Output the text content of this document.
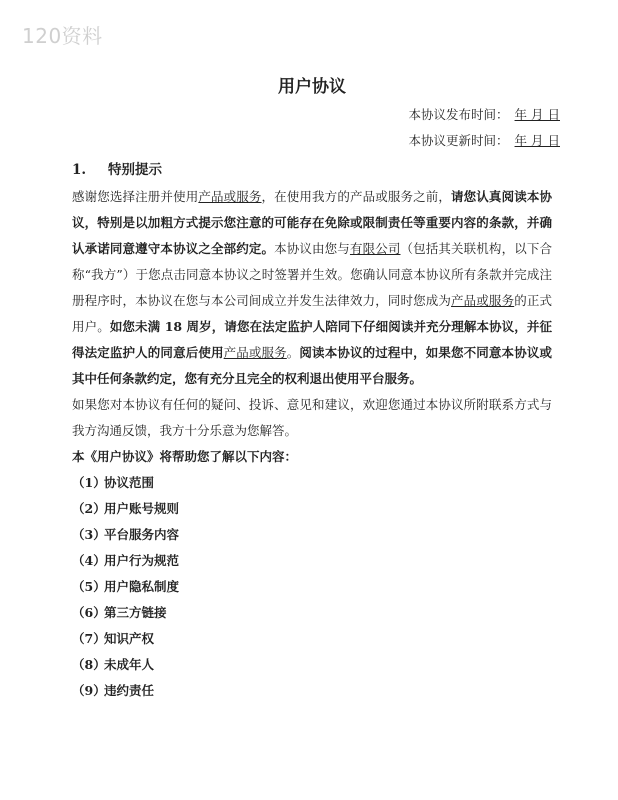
120资料
用户协议
本协议发布时间： 年 月 日
本协议更新时间： 年 月 日
1. 特别提示

感谢您选择注册并使用产品或服务，在使用我方的产品或服务之前，请您认真阅读本协议，特别是以加粗方式提示您注意的可能存在免除或限制责任等重要内容的条款，并确认承诺同意遵守本协议之全部约定。本协议由您与有限公司（包括其关联机构，以下合称“我方”）于您点击同意本协议之时签署并生效。您确认同意本协议所有条款并完成注册程序时，本协议在您与本公司间成立并发生法律效力，同时您成为产品或服务的正式用户。如您未满 18 周岁，请您在法定监护人陪同下仔细阅读并充分理解本协议，并征得法定监护人的同意后使用产品或服务。阅读本协议的过程中，如果您不同意本协议或其中任何条款约定，您有充分且完全的权利退出使用平台服务。

如果您对本协议有任何的疑问、投诉、意见和建议，欢迎您通过本协议所附联系方式与我方沟通反馈，我方十分乐意为您解答。

本《用户协议》将帮助您了解以下内容：

（1）协议范围
（2）用户账号规则
（3）平台服务内容
（4）用户行为规范
（5）用户隐私制度
（6）第三方链接
（7）知识产权
（8）未成年人
（9）违约责任
